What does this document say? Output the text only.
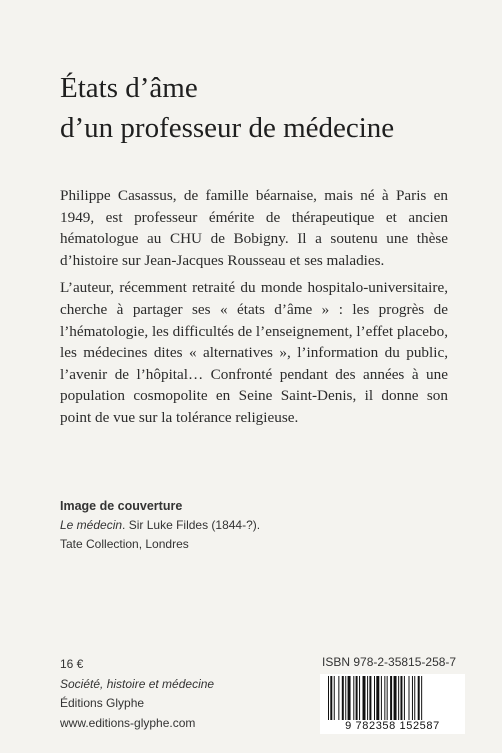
États d’âme
d’un professeur de médecine

Philippe Casassus, de famille béarnaise, mais né à Paris en 1949, est professeur émérite de thérapeutique et ancien hématologue au CHU de Bobigny. Il a soutenu une thèse d’histoire sur Jean-Jacques Rousseau et ses maladies.

L’auteur, récemment retraité du monde hospitalo-universitaire, cherche à partager ses « états d’âme » : les progrès de l’hématologie, les difficultés de l’enseignement, l’effet placebo, les médecines dites « alternatives », l’information du public, l’avenir de l’hôpital… Confronté pendant des années à une population cosmopolite en Seine Saint-Denis, il donne son point de vue sur la tolérance religieuse.

Image de couverture
Le médecin. Sir Luke Fildes (1844-?).
Tate Collection, Londres
16 €
Société, histoire et médecine
Éditions Glyphe
www.editions-glyphe.com
ISBN 978-2-35815-258-7
9 782358 152587
